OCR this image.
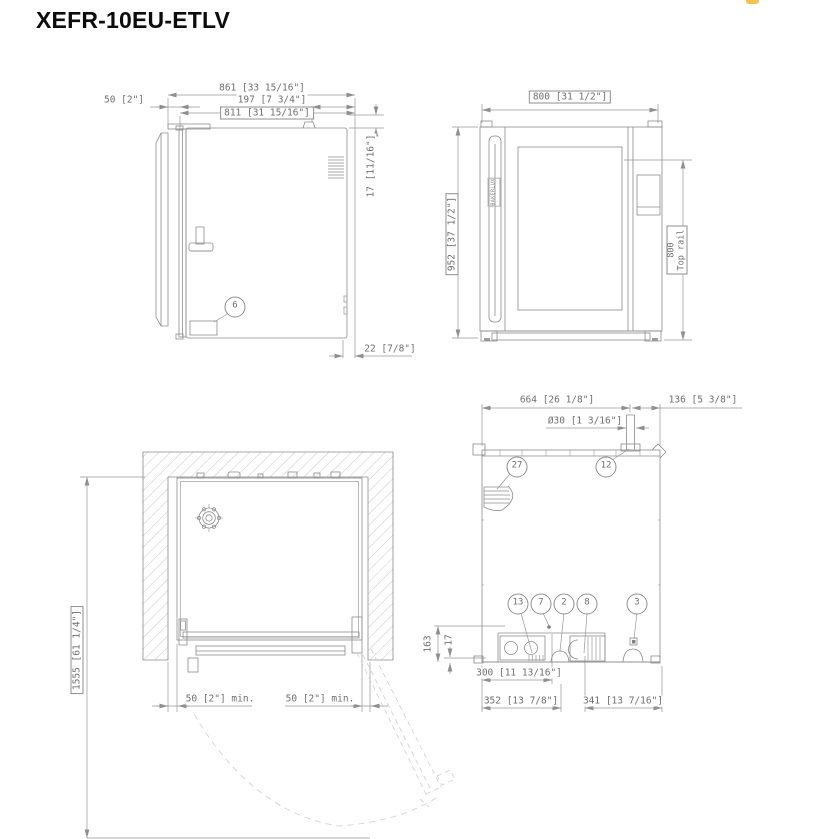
XEFR-10EU-ETLV
861 [33 15/16"]
811 [31 15/16"]
50 [2"]	197 [7 3/4"]
17 [11/16"]
22 [7/8"]
6
800 [31 1/2"]
952 [37 1/2"]	800 Top rail
BAKERLUX
1555 [61 1/4"]
50 [2"] min.	50 [2"] min.
664 [26 1/8"]	136 [5 3/8"]
Ø30 [1 3/16"]
27	12
13	7	2	8	3
163 17
300 [11 13/16"]
352 [13 7/8"]	341 [13 7/16"]
